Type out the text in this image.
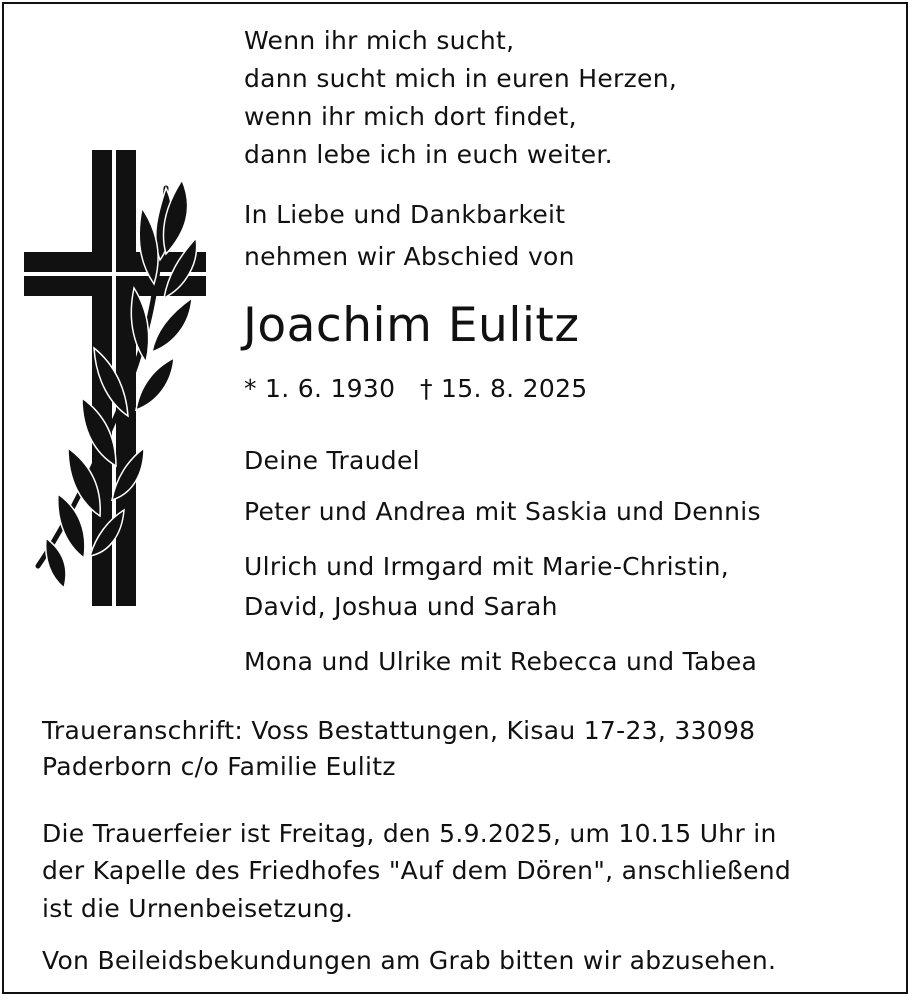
Wenn ihr mich sucht,

dann sucht mich in euren Herzen,

wenn ihr mich dort findet,

dann lebe ich in euch weiter.

In Liebe und Dankbarkeit

nehmen wir Abschied von

Joachim Eulitz

* 1. 6. 1930   † 15. 8. 2025

Deine Traudel

Peter und Andrea mit Saskia und Dennis

Ulrich und Irmgard mit Marie-Christin,

David, Joshua und Sarah

Mona und Ulrike mit Rebecca und Tabea

Traueranschrift: Voss Bestattungen, Kisau 17-23, 33098

Paderborn c/o Familie Eulitz

Die Trauerfeier ist Freitag, den 5.9.2025, um 10.15 Uhr in

der Kapelle des Friedhofes "Auf dem Dören", anschließend

ist die Urnenbeisetzung.

Von Beileidsbekundungen am Grab bitten wir abzusehen.
